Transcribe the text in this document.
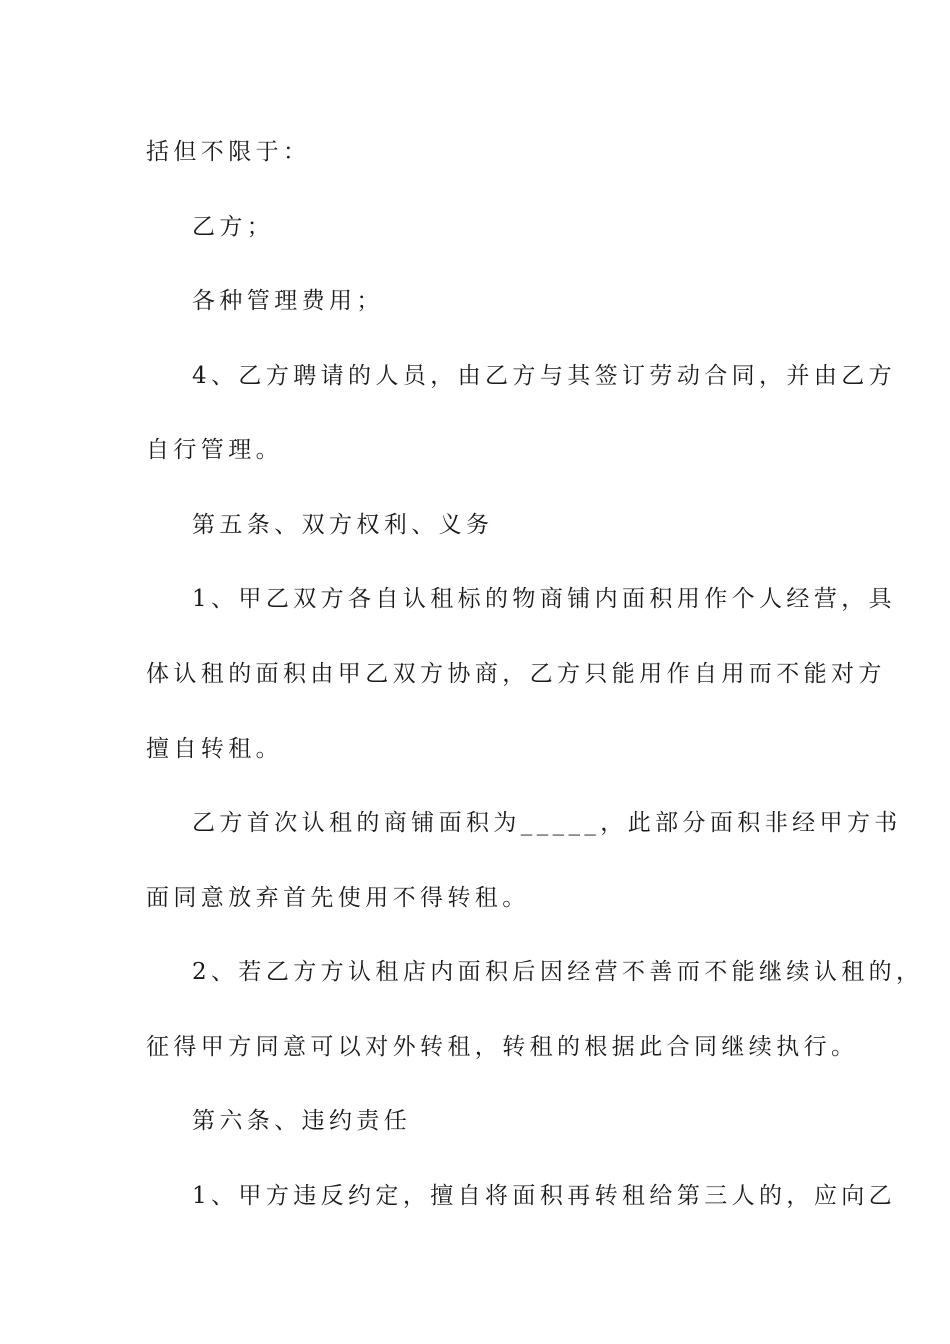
括但不限于：
乙方；
各种管理费用；
4、乙方聘请的人员，由乙方与其签订劳动合同，并由乙方
自行管理。
第五条、双方权利、义务
1、甲乙双方各自认租标的物商铺内面积用作个人经营，具
体认租的面积由甲乙双方协商，乙方只能用作自用而不能对方
擅自转租。
乙方首次认租的商铺面积为_____，此部分面积非经甲方书
面同意放弃首先使用不得转租。
2、若乙方方认租店内面积后因经营不善而不能继续认租的，
征得甲方同意可以对外转租，转租的根据此合同继续执行。
第六条、违约责任
1、甲方违反约定，擅自将面积再转租给第三人的，应向乙
